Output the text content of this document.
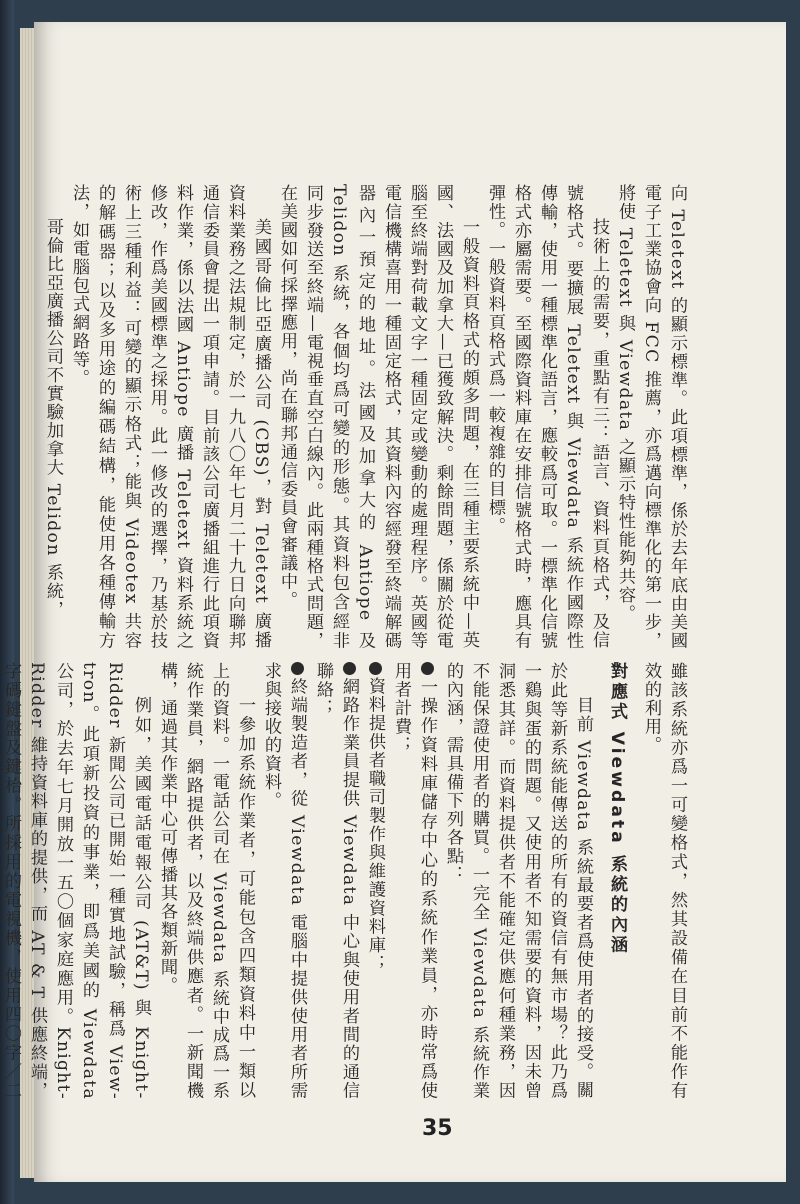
向 Teletext 的顯示標準。此項標準，係於去年底由美國電子工業協會向 FCC 推薦，亦爲邁向標準化的第一步，將使 Teletext 與 Viewdata 之顯示特性能夠共容。

技術上的需要，重點有三：語言、資料頁格式，及信號格式。要擴展 Teletext 與 Viewdata 系統作國際性傳輸，使用一種標準化語言，應較爲可取。一標準化信號格式亦屬需要。至國際資料庫在安排信號格式時，應具有彈性。一般資料頁格式爲一較複雜的目標。

一般資料頁格式的頗多問題，在三種主要系統中—英國、法國及加拿大—已獲致解決。剩餘問題，係關於從電腦至終端對荷載文字一種固定或變動的處理程序。英國等電信機構喜用一種固定格式，其資料內容經發至終端解碼器內一預定的地址。法國及加拿大的 Antiope 及 Telidon 系統，各個均爲可變的形態。其資料包含經非同步發送至終端—電視垂直空白線內。此兩種格式問題，在美國如何採擇應用，尚在聯邦通信委員會審議中。

美國哥倫比亞廣播公司 (CBS)，對 Teletext 廣播資料業務之法規制定，於一九八〇年七月二十九日向聯邦通信委員會提出一項申請。目前該公司廣播組進行此項資料作業，係以法國 Antiope 廣播 Teletext 資料系統之修改，作爲美國標準之採用。此一修改的選擇，乃基於技術上三種利益：可變的顯示格式；能與 Videotex 共容的解碼器；以及多用途的編碼結構，能使用各種傳輸方法，如電腦包式網路等。

哥倫比亞廣播公司不實驗加拿大 Telidon 系統，

雖該系統亦爲一可變格式，然其設備在目前不能作有效的利用。

對應式 Viewdata 系統的內涵

目前 Viewdata 系統最要者爲使用者的接受。關於此等新系統能傳送的所有的資信有無市場？此乃爲一鷄與蛋的問題。又使用者不知需要的資料，因未曾洞悉其詳。而資料提供者不能確定供應何種業務，因不能保證使用者的購買。一完全 Viewdata 系統作業的內涵，需具備下列各點：

一操作資料庫儲存中心的系統作業員，亦時常爲使用者計費；

資料提供者職司製作與維護資料庫；

網路作業員提供 Viewdata 中心與使用者間的通信聯絡；

終端製造者，從 Viewdata 電腦中提供使用者所需求與接收的資料。

一參加系統作業者，可能包含四類資料中一類以上的資料。一電話公司在 Viewdata 系統中成爲一系統作業員，網路提供者，以及終端供應者。一新聞機構，通過其作業中心可傳播其各類新聞。

例如，美國電話電報公司 (AT&T) 與 Knight-Ridder 新聞公司已開始一種實地試驗，稱爲 View-tron。此項新投資的事業，即爲美國的 Viewdata 公司，於去年七月開放一五〇個家庭應用。Knight-Ridder 維持資料庫的提供，而 AT & T 供應終端，字碼鍵盤及鍵枱。所採用的電視機，使用四〇字／二

35
